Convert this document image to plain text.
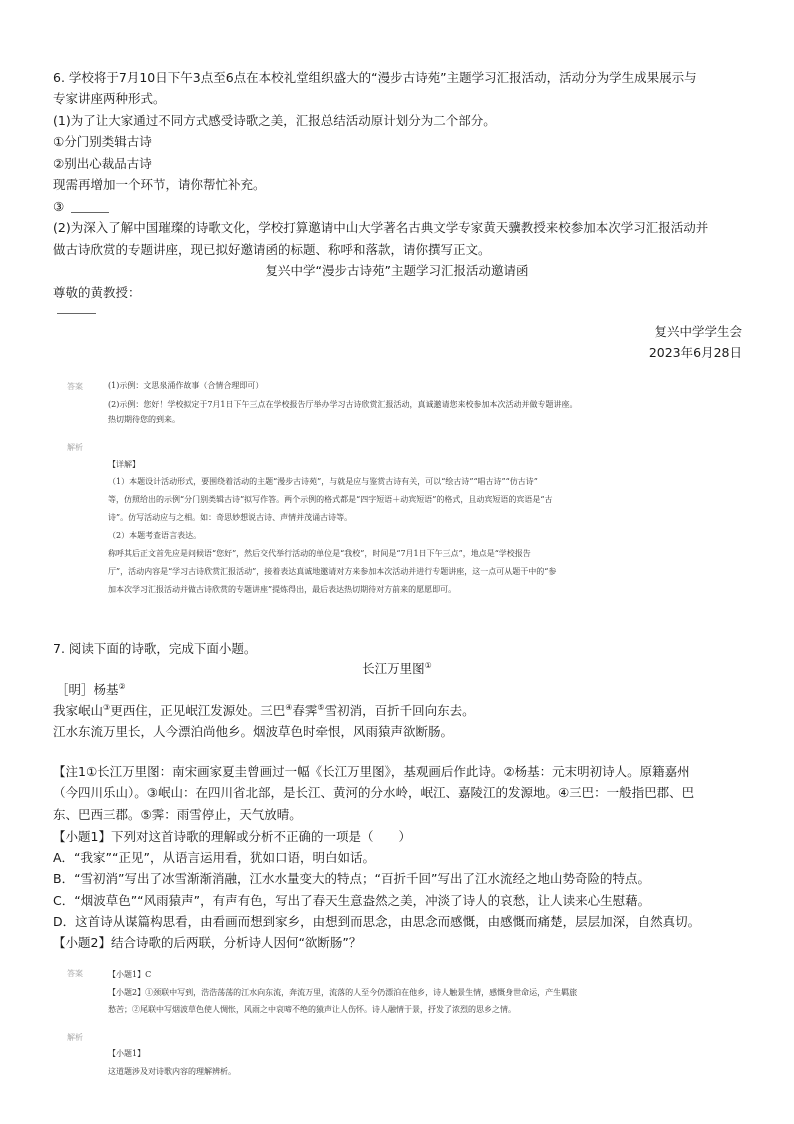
6. 学校将于7月10日下午3点至6点在本校礼堂组织盛大的“漫步古诗苑”主题学习汇报活动，活动分为学生成果展示与
专家讲座两种形式。
(1)为了让大家通过不同方式感受诗歌之美，汇报总结活动原计划分为二个部分。
①分门别类辑古诗
②别出心裁品古诗
现需再增加一个环节，请你帮忙补充。
③
(2)为深入了解中国璀璨的诗歌文化，学校打算邀请中山大学著名古典文学专家黄天骥教授来校参加本次学习汇报活动并
做古诗欣赏的专题讲座，现已拟好邀请函的标题、称呼和落款，请你撰写正文。
复兴中学“漫步古诗苑”主题学习汇报活动邀请函
尊敬的黄教授：
复兴中学学生会
2023年6月28日
答案	(1)示例：文思泉涌作故事（合情合理即可）
(2)示例：您好！学校拟定于7月1日下午三点在学校报告厅举办学习古诗欣赏汇报活动，真诚邀请您来校参加本次活动并做专题讲座。
热切期待您的到来。
解析
【详解】
（1）本题设计活动形式，要围绕着活动的主题“漫步古诗苑”，与就是应与鉴赏古诗有关，可以“绘古诗”“唱古诗”“仿古诗”
等，仿照给出的示例“分门别类辑古诗”拟写作答。两个示例的格式都是“四字短语＋动宾短语”的格式，且动宾短语的宾语是“古
诗”。仿写活动应与之相。如：奇思妙想说古诗、声情并茂诵古诗等。
（2）本题考查语言表达。
称呼其后正文首先应是问候语“您好”，然后交代举行活动的单位是“我校”，时间是“7月1日下午三点”，地点是“学校报告
厅”，活动内容是“学习古诗欣赏汇报活动”，接着表达真诚地邀请对方来参加本次活动并进行专题讲座，这一点可从题干中的“参
加本次学习汇报活动并做古诗欣赏的专题讲座”提炼得出，最后表达热切期待对方前来的愿愿即可。
7. 阅读下面的诗歌，完成下面小题。
长江万里图①
［明］杨基②
我家岷山③更西住，正见岷江发源处。三巴④春霁⑤雪初消，百折千回向东去。
江水东流万里长，人今漂泊尚他乡。烟波草色时牵恨，风雨猿声欲断肠。
【注1①长江万里图：南宋画家夏圭曾画过一幅《长江万里图》，基观画后作此诗。②杨基：元末明初诗人。原籍嘉州
（今四川乐山）。③岷山：在四川省北部，是长江、黄河的分水岭，岷江、嘉陵江的发源地。④三巴：一般指巴郡、巴
东、巴西三郡。⑤霁：雨雪停止，天气放晴。
【小题1】下列对这首诗歌的理解或分析不正确的一项是（　　）
A．“我家”“正见”，从语言运用看，犹如口语，明白如话。
B．“雪初消”写出了冰雪渐渐消融，江水水量变大的特点；“百折千回”写出了江水流经之地山势奇险的特点。
C．“烟波草色”“风雨猿声”，有声有色，写出了春天生意盎然之美，冲淡了诗人的哀愁，让人读来心生慰藉。
D．这首诗从谋篇构思看，由看画而想到家乡，由想到而思念，由思念而感慨，由感慨而痛楚，层层加深，自然真切。
【小题2】结合诗歌的后两联，分析诗人因何“欲断肠”？
答案	【小题1】C
【小题2】①颈联中写到，浩浩荡荡的江水向东流，奔流万里，流落的人至今仍漂泊在他乡，诗人触景生情，感慨身世命运，产生羁旅
愁苦；②尾联中写烟波草色使人惆怅，风雨之中哀啼不绝的猿声让人伤怀。诗人融情于景，抒发了浓烈的思乡之情。
解析
【小题1】
这道题涉及对诗歌内容的理解辨析。
